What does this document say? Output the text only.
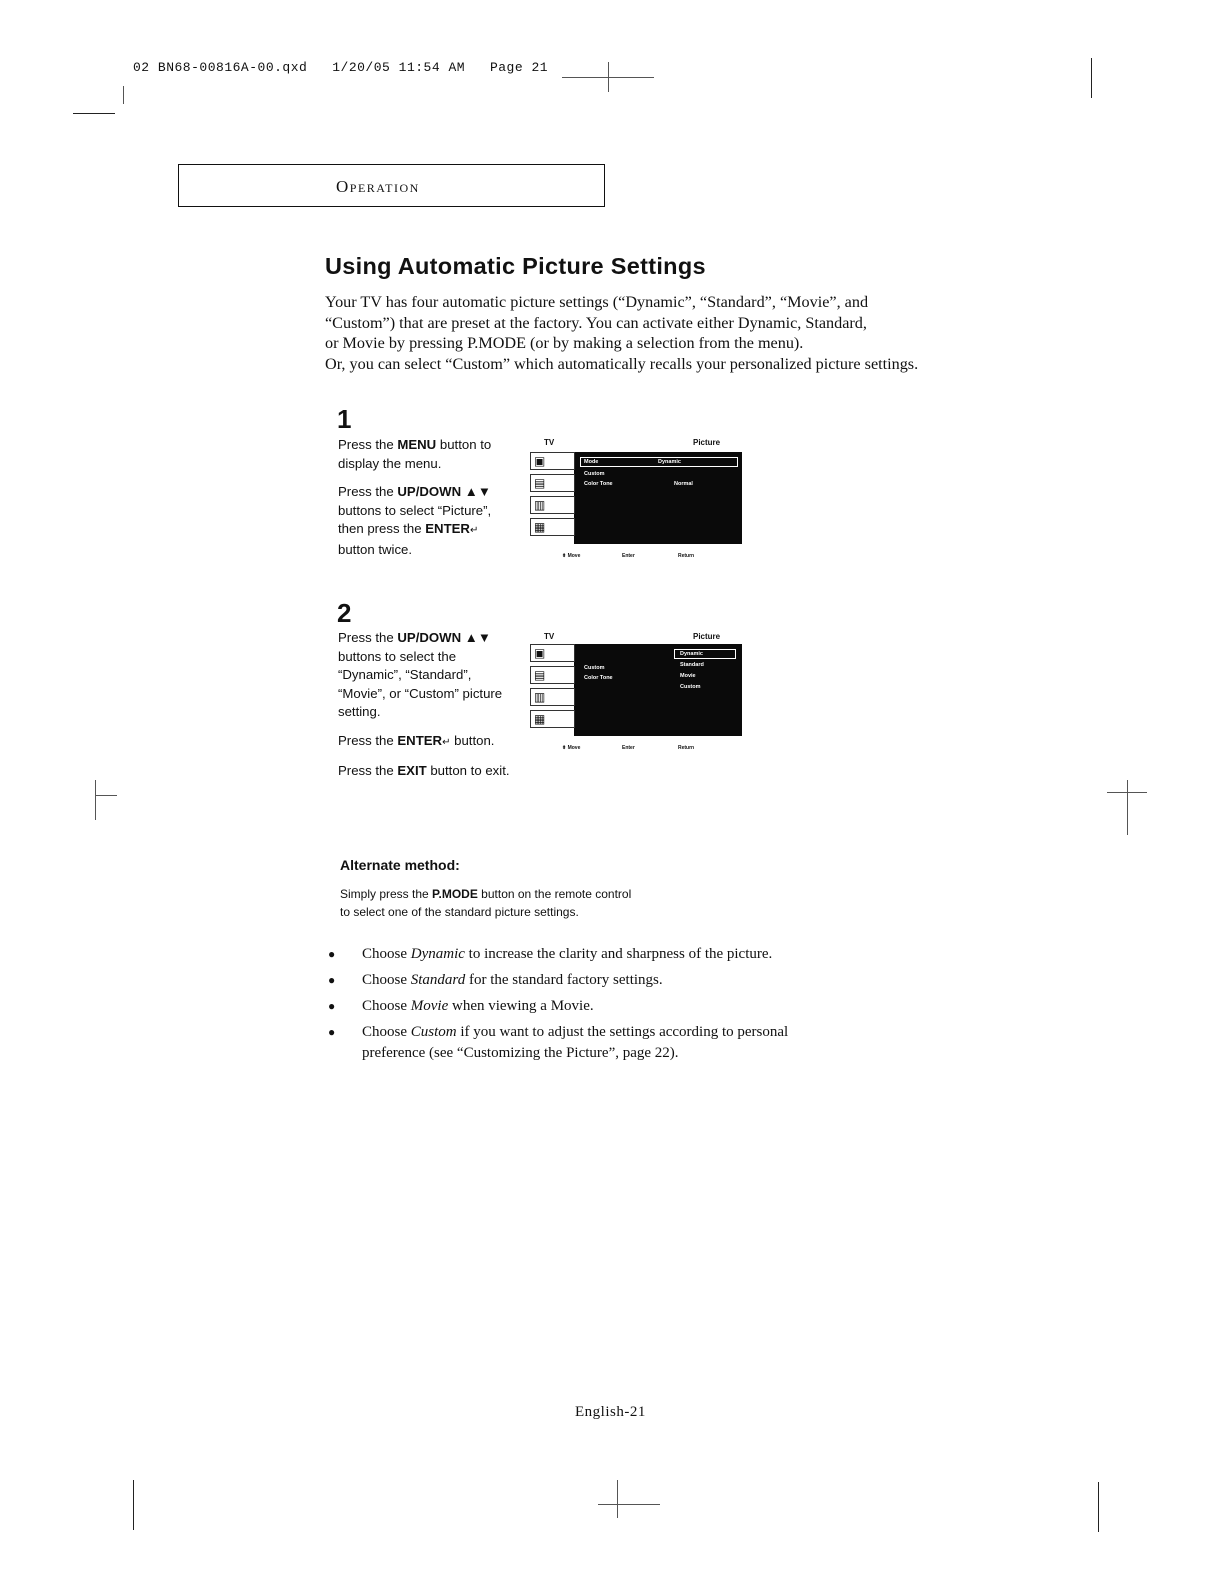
02 BN68-00816A-00.qxd   1/20/05 11:54 AM   Page 21
Operation
Using Automatic Picture Settings
Your TV has four automatic picture settings (“Dynamic”, “Standard”, “Movie”, and
“Custom”) that are preset at the factory. You can activate either Dynamic, Standard,
or Movie by pressing P.MODE (or by making a selection from the menu).
Or, you can select “Custom” which automatically recalls your personalized picture settings.
1

Press the MENU button to display the menu.

Press the UP/DOWN ▲▼ buttons to select “Picture”, then press the ENTER↵ button twice.

TV	Picture
▣
▤
▥
▦
Mode	Dynamic
Custom
Color Tone	Normal
⬍ Move	Enter	Return
2

Press the UP/DOWN ▲▼ buttons to select the “Dynamic”, “Standard”, “Movie”, or “Custom” picture setting.

Press the ENTER↵ button.

Press the EXIT button to exit.

TV	Picture
▣
▤
▥
▦
Custom
Color Tone
Dynamic
Standard
Movie
Custom
⬍ Move	Enter	Return
Alternate method:
Simply press the P.MODE button on the remote control
to select one of the standard picture settings.
●	Choose Dynamic to increase the clarity and sharpness of the picture.
●	Choose Standard for the standard factory settings.
●	Choose Movie when viewing a Movie.
●	Choose Custom if you want to adjust the settings according to personal
preference (see “Customizing the Picture”, page 22).
English-21
